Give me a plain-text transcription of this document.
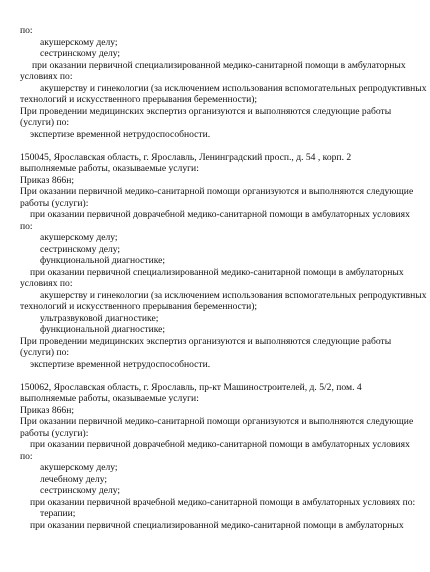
по:
акушерскому делу;
сестринскому делу;
при оказании первичной специализированной медико-санитарной помощи в амбулаторных
условиях по:
акушерству и гинекологии (за исключением использования вспомогательных репродуктивных
технологий и искусственного прерывания беременности);
При проведении медицинских экспертиз организуются и выполняются следующие работы
(услуги) по:
экспертизе временной нетрудоспособности.
150045, Ярославская область, г. Ярославль, Ленинградский просп., д. 54 , корп. 2
выполняемые работы, оказываемые услуги:
Приказ 866н;
При оказании первичной медико-санитарной помощи организуются и выполняются следующие
работы (услуги):
при оказании первичной доврачебной медико-санитарной помощи в амбулаторных условиях
по:
акушерскому делу;
сестринскому делу;
функциональной диагностике;
при оказании первичной специализированной медико-санитарной помощи в амбулаторных
условиях по:
акушерству и гинекологии (за исключением использования вспомогательных репродуктивных
технологий и искусственного прерывания беременности);
ультразвуковой диагностике;
функциональной диагностике;
При проведении медицинских экспертиз организуются и выполняются следующие работы
(услуги) по:
экспертизе временной нетрудоспособности.
150062, Ярославская область, г. Ярославль, пр-кт Машиностроителей, д. 5/2, пом. 4
выполняемые работы, оказываемые услуги:
Приказ 866н;
При оказании первичной медико-санитарной помощи организуются и выполняются следующие
работы (услуги):
при оказании первичной доврачебной медико-санитарной помощи в амбулаторных условиях
по:
акушерскому делу;
лечебному делу;
сестринскому делу;
при оказании первичной врачебной медико-санитарной помощи в амбулаторных условиях по:
терапии;
при оказании первичной специализированной медико-санитарной помощи в амбулаторных
